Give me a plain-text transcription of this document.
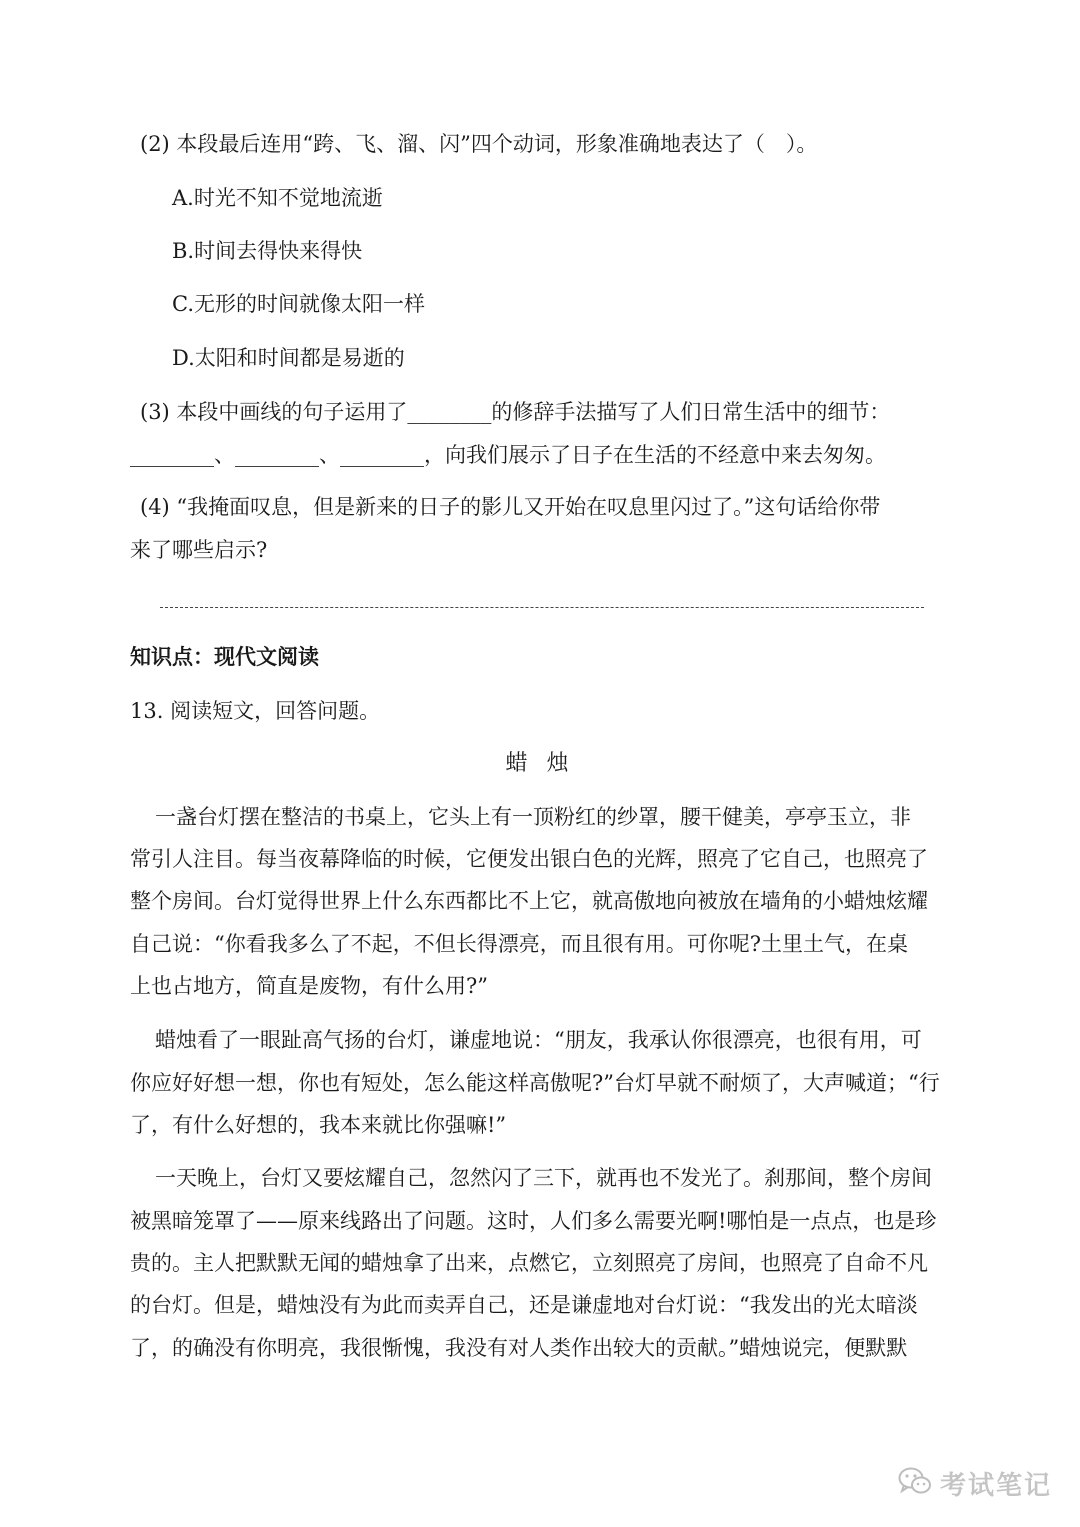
(2) 本段最后连用“跨、飞、溜、闪”四个动词，形象准确地表达了（　）。
A.时光不知不觉地流逝
B.时间去得快来得快
C.无形的时间就像太阳一样
D.太阳和时间都是易逝的
(3) 本段中画线的句子运用了________的修辞手法描写了人们日常生活中的细节：
________、________、________，向我们展示了日子在生活的不经意中来去匆匆。
(4) “我掩面叹息，但是新来的日子的影儿又开始在叹息里闪过了。”这句话给你带
来了哪些启示?
知识点：现代文阅读
13. 阅读短文，回答问题。
蜡 烛
一盏台灯摆在整洁的书桌上，它头上有一顶粉红的纱罩，腰干健美，亭亭玉立，非
常引人注目。每当夜幕降临的时候，它便发出银白色的光辉，照亮了它自己，也照亮了
整个房间。台灯觉得世界上什么东西都比不上它，就高傲地向被放在墙角的小蜡烛炫耀
自己说：“你看我多么了不起，不但长得漂亮，而且很有用。可你呢?土里土气，在桌
上也占地方，简直是废物，有什么用?”
蜡烛看了一眼趾高气扬的台灯，谦虚地说：“朋友，我承认你很漂亮，也很有用，可
你应好好想一想，你也有短处，怎么能这样高傲呢?”台灯早就不耐烦了，大声喊道；“行
了，有什么好想的，我本来就比你强嘛!”
一天晚上，台灯又要炫耀自己，忽然闪了三下，就再也不发光了。刹那间，整个房间
被黑暗笼罩了——原来线路出了问题。这时，人们多么需要光啊!哪怕是一点点，也是珍
贵的。主人把默默无闻的蜡烛拿了出来，点燃它，立刻照亮了房间，也照亮了自命不凡
的台灯。但是，蜡烛没有为此而卖弄自己，还是谦虚地对台灯说：“我发出的光太暗淡
了，的确没有你明亮，我很惭愧，我没有对人类作出较大的贡献。”蜡烛说完，便默默
考试笔记
